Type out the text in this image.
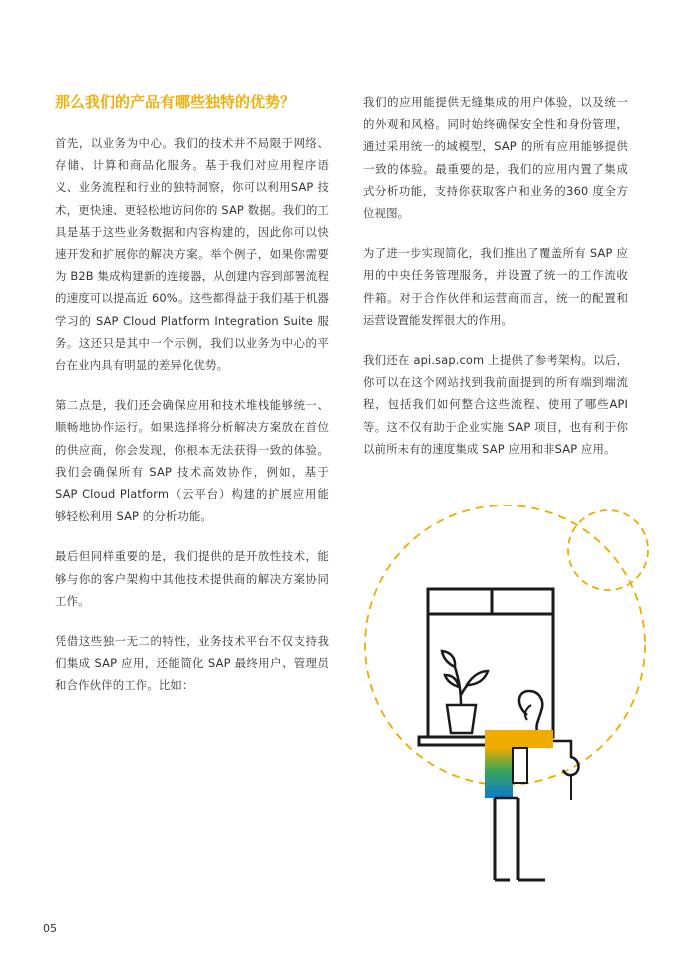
那么我们的产品有哪些独特的优势？

首先，以业务为中心。我们的技术并不局限于网络、存储、计算和商品化服务。基于我们对应用程序语义、业务流程和行业的独特洞察，你可以利用SAP 技术，更快速、更轻松地访问你的 SAP 数据。我们的工具是基于这些业务数据和内容构建的，因此你可以快速开发和扩展你的解决方案。举个例子，如果你需要为 B2B 集成构建新的连接器，从创建内容到部署流程的速度可以提高近 60%。这些都得益于我们基于机器学习的 SAP Cloud Platform Integration Suite 服务。这还只是其中一个示例，我们以业务为中心的平台在业内具有明显的差异化优势。

第二点是，我们还会确保应用和技术堆栈能够统一、顺畅地协作运行。如果选择将分析解决方案放在首位的供应商，你会发现，你根本无法获得一致的体验。我们会确保所有 SAP 技术高效协作，例如，基于 SAP Cloud Platform（云平台）构建的扩展应用能够轻松利用 SAP 的分析功能。

最后但同样重要的是，我们提供的是开放性技术，能够与你的客户架构中其他技术提供商的解决方案协同工作。

凭借这些独一无二的特性，业务技术平台不仅支持我们集成 SAP 应用，还能简化 SAP 最终用户、管理员和合作伙伴的工作。比如：

我们的应用能提供无缝集成的用户体验，以及统一的外观和风格。同时始终确保安全性和身份管理，通过采用统一的域模型，SAP 的所有应用能够提供一致的体验。最重要的是，我们的应用内置了集成式分析功能，支持你获取客户和业务的360 度全方位视图。

为了进一步实现简化，我们推出了覆盖所有 SAP 应用的中央任务管理服务，并设置了统一的工作流收件箱。对于合作伙伴和运营商而言，统一的配置和运营设置能发挥很大的作用。

我们还在 api.sap.com 上提供了参考架构。以后，你可以在这个网站找到我前面提到的所有端到端流程，包括我们如何整合这些流程、使用了哪些API 等。这不仅有助于企业实施 SAP 项目，也有利于你以前所未有的速度集成 SAP 应用和非SAP 应用。

05
